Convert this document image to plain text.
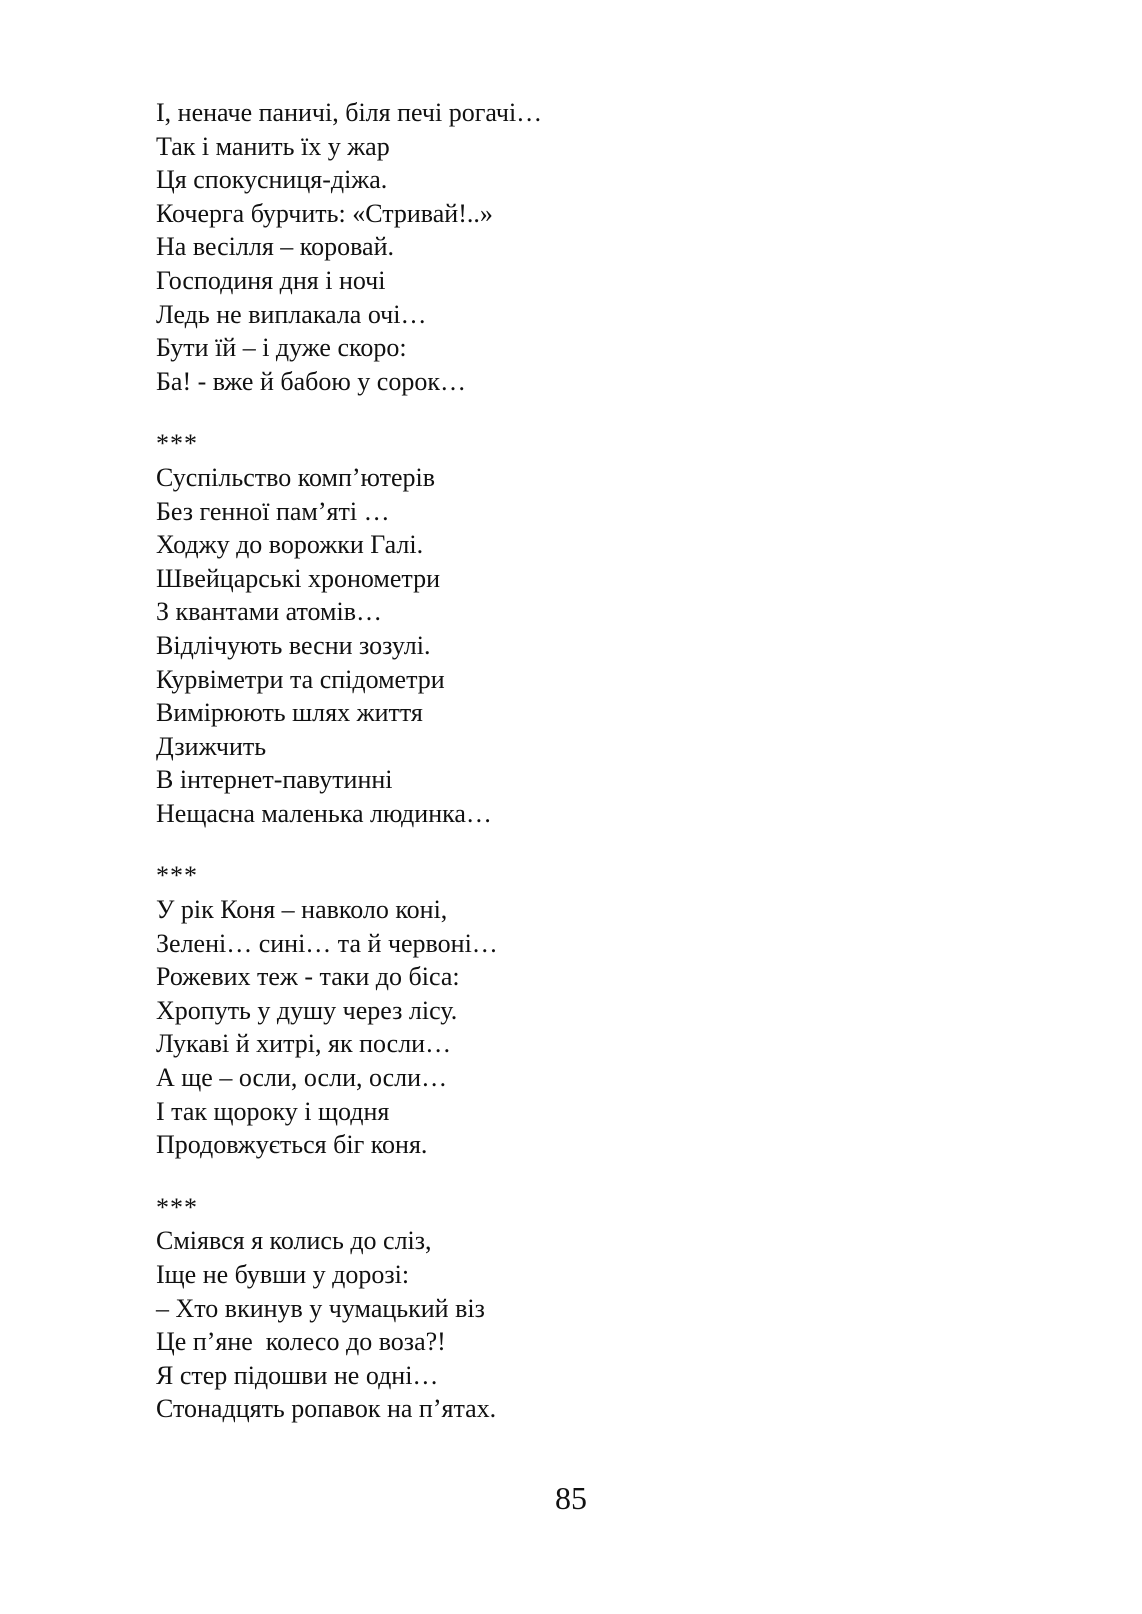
І, неначе паничі, біля печі рогачі…
Так і манить їх у жар
Ця спокусниця-діжа.
Кочерга бурчить: «Стривай!..»
На весілля – коровай.
Господиня дня і ночі
Ледь не виплакала очі…
Бути їй – і дуже скоро:
Ба! - вже й бабою у сорок…
***
Суспільство комп’ютерів
Без генної пам’яті …
Ходжу до ворожки Галі.
Швейцарські хронометри
З квантами атомів…
Відлічують весни зозулі.
Курвіметри та спідометри
Вимірюють шлях життя
Дзижчить
В інтернет-павутинні
Нещасна маленька людинка…
***
У рік Коня – навколо коні,
Зелені… сині… та й червоні…
Рожевих теж - таки до біса:
Хропуть у душу через лісу.
Лукаві й хитрі, як посли…
А ще – осли, осли, осли…
І так щороку і щодня
Продовжується біг коня.
***
Сміявся я колись до сліз,
Іще не бувши у дорозі:
– Хто вкинув у чумацький віз
Це п’яне  колесо до воза?!
Я стер підошви не одні…
Стонадцять ропавок на п’ятах.
85
